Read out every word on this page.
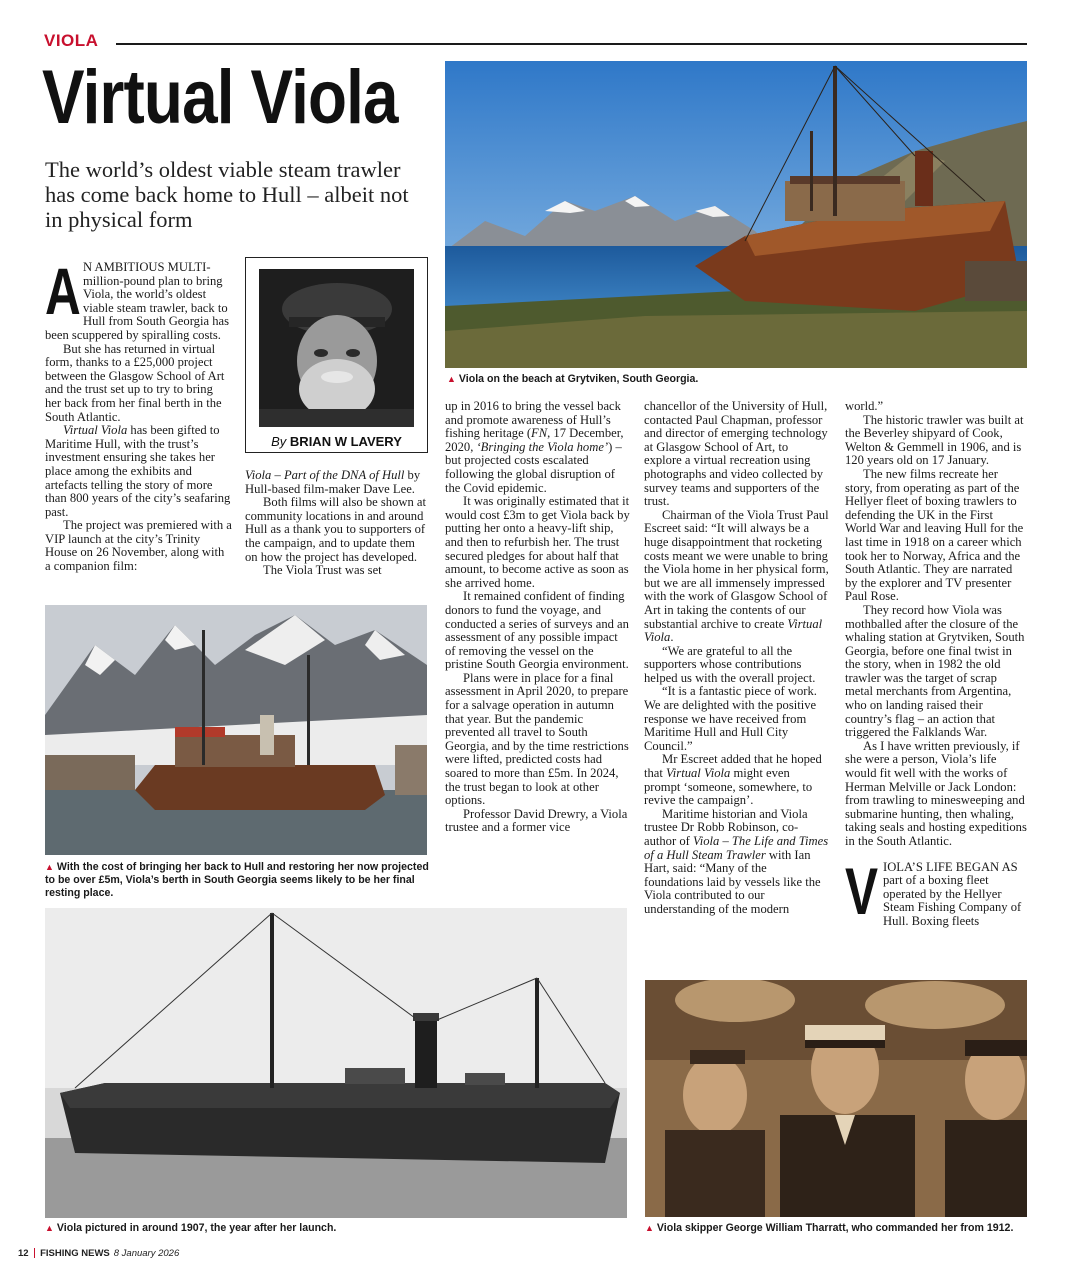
VIOLA
Virtual Viola
The world’s oldest viable steam trawler has come back home to Hull – albeit not in physical form
▲ Viola on the beach at Grytviken, South Georgia.
By BRIAN W LAVERY

A N AMBITIOUS MULTI-million-pound plan to bring Viola, the world’s oldest viable steam trawler, back to Hull from South Georgia has been scuppered by spiralling costs.

But she has returned in virtual form, thanks to a £25,000 project between the Glasgow School of Art and the trust set up to try to bring her back from her final berth in the South Atlantic.

Virtual Viola has been gifted to Maritime Hull, with the trust’s investment ensuring she takes her place among the exhibits and artefacts telling the story of more than 800 years of the city’s seafaring past.

The project was premiered with a VIP launch at the city’s Trinity House on 26 November, along with a companion film:

Viola – Part of the DNA of Hull by Hull-based film-maker Dave Lee.

Both films will also be shown at community locations in and around Hull as a thank you to supporters of the campaign, and to update them on how the project has developed.

The Viola Trust was set

▲ With the cost of bringing her back to Hull and restoring her now projected to be over £5m, Viola’s berth in South Georgia seems likely to be her final resting place.

up in 2016 to bring the vessel back and promote awareness of Hull’s fishing heritage (FN, 17 December, 2020, ‘Bringing the Viola home’) – but projected costs escalated following the global disruption of the Covid epidemic.

It was originally estimated that it would cost £3m to get Viola back by putting her onto a heavy-lift ship, and then to refurbish her. The trust secured pledges for about half that amount, to become active as soon as she arrived home.

It remained confident of finding donors to fund the voyage, and conducted a series of surveys and an assessment of any possible impact of removing the vessel on the pristine South Georgia environment.

Plans were in place for a final assessment in April 2020, to prepare for a salvage operation in autumn that year. But the pandemic prevented all travel to South Georgia, and by the time restrictions were lifted, predicted costs had soared to more than £5m. In 2024, the trust began to look at other options.

Professor David Drewry, a Viola trustee and a former vice

chancellor of the University of Hull, contacted Paul Chapman, professor and director of emerging technology at Glasgow School of Art, to explore a virtual recreation using photographs and video collected by survey teams and supporters of the trust.

Chairman of the Viola Trust Paul Escreet said: “It will always be a huge disappointment that rocketing costs meant we were unable to bring the Viola home in her physical form, but we are all immensely impressed with the work of Glasgow School of Art in taking the contents of our substantial archive to create Virtual Viola.

“We are grateful to all the supporters whose contributions helped us with the overall project.

“It is a fantastic piece of work. We are delighted with the positive response we have received from Maritime Hull and Hull City Council.”

Mr Escreet added that he hoped that Virtual Viola might even prompt ‘someone, somewhere, to revive the campaign’.

Maritime historian and Viola trustee Dr Robb Robinson, co-author of Viola – The Life and Times of a Hull Steam Trawler with Ian Hart, said: “Many of the foundations laid by vessels like the Viola contributed to our understanding of the modern

world.”

The historic trawler was built at the Beverley shipyard of Cook, Welton & Gemmell in 1906, and is 120 years old on 17 January.

The new films recreate her story, from operating as part of the Hellyer fleet of boxing trawlers to defending the UK in the First World War and leaving Hull for the last time in 1918 on a career which took her to Norway, Africa and the South Atlantic. They are narrated by the explorer and TV presenter Paul Rose.

They record how Viola was mothballed after the closure of the whaling station at Grytviken, South Georgia, before one final twist in the story, when in 1982 the old trawler was the target of scrap metal merchants from Argentina, who on landing raised their country’s flag – an action that triggered the Falklands War.

As I have written previously, if she were a person, Viola’s life would fit well with the works of Herman Melville or Jack London: from trawling to minesweeping and submarine hunting, then whaling, taking seals and hosting expeditions in the South Atlantic.

VIOLA’S LIFE BEGAN AS part of a boxing fleet operated by the Hellyer Steam Fishing Company of Hull. Boxing fleets

▲ Viola pictured in around 1907, the year after her launch.	▲ Viola skipper George William Tharratt, who commanded her from 1912.
12 FISHING NEWS 8 January 2026
